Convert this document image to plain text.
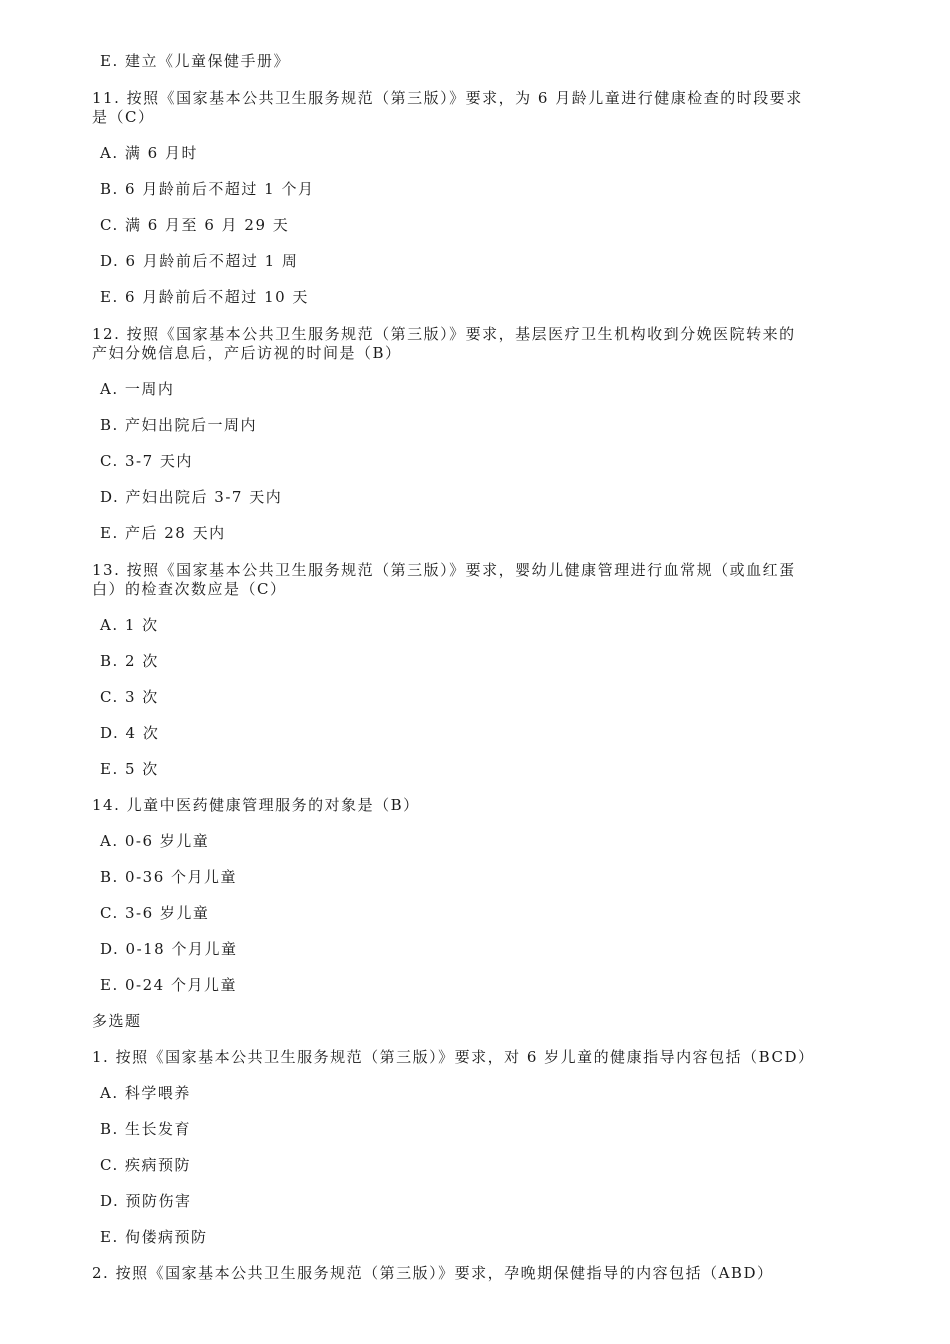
E. 建立《儿童保健手册》
11. 按照《国家基本公共卫生服务规范（第三版）》要求，为 6 月龄儿童进行健康检查的时段要求
是（C）
A. 满 6 月时
B. 6 月龄前后不超过 1 个月
C. 满 6 月至 6 月 29 天
D. 6 月龄前后不超过 1 周
E. 6 月龄前后不超过 10 天
12. 按照《国家基本公共卫生服务规范（第三版）》要求，基层医疗卫生机构收到分娩医院转来的
产妇分娩信息后，产后访视的时间是（B）
A. 一周内
B. 产妇出院后一周内
C. 3-7 天内
D. 产妇出院后 3-7 天内
E. 产后 28 天内
13. 按照《国家基本公共卫生服务规范（第三版）》要求，婴幼儿健康管理进行血常规（或血红蛋
白）的检查次数应是（C）
A. 1 次
B. 2 次
C. 3 次
D. 4 次
E. 5 次
14. 儿童中医药健康管理服务的对象是（B）
A. 0-6 岁儿童
B. 0-36 个月儿童
C. 3-6 岁儿童
D. 0-18 个月儿童
E. 0-24 个月儿童
多选题
1. 按照《国家基本公共卫生服务规范（第三版）》要求，对 6 岁儿童的健康指导内容包括（BCD）
A. 科学喂养
B. 生长发育
C. 疾病预防
D. 预防伤害
E. 佝偻病预防
2. 按照《国家基本公共卫生服务规范（第三版）》要求，孕晚期保健指导的内容包括（ABD）
